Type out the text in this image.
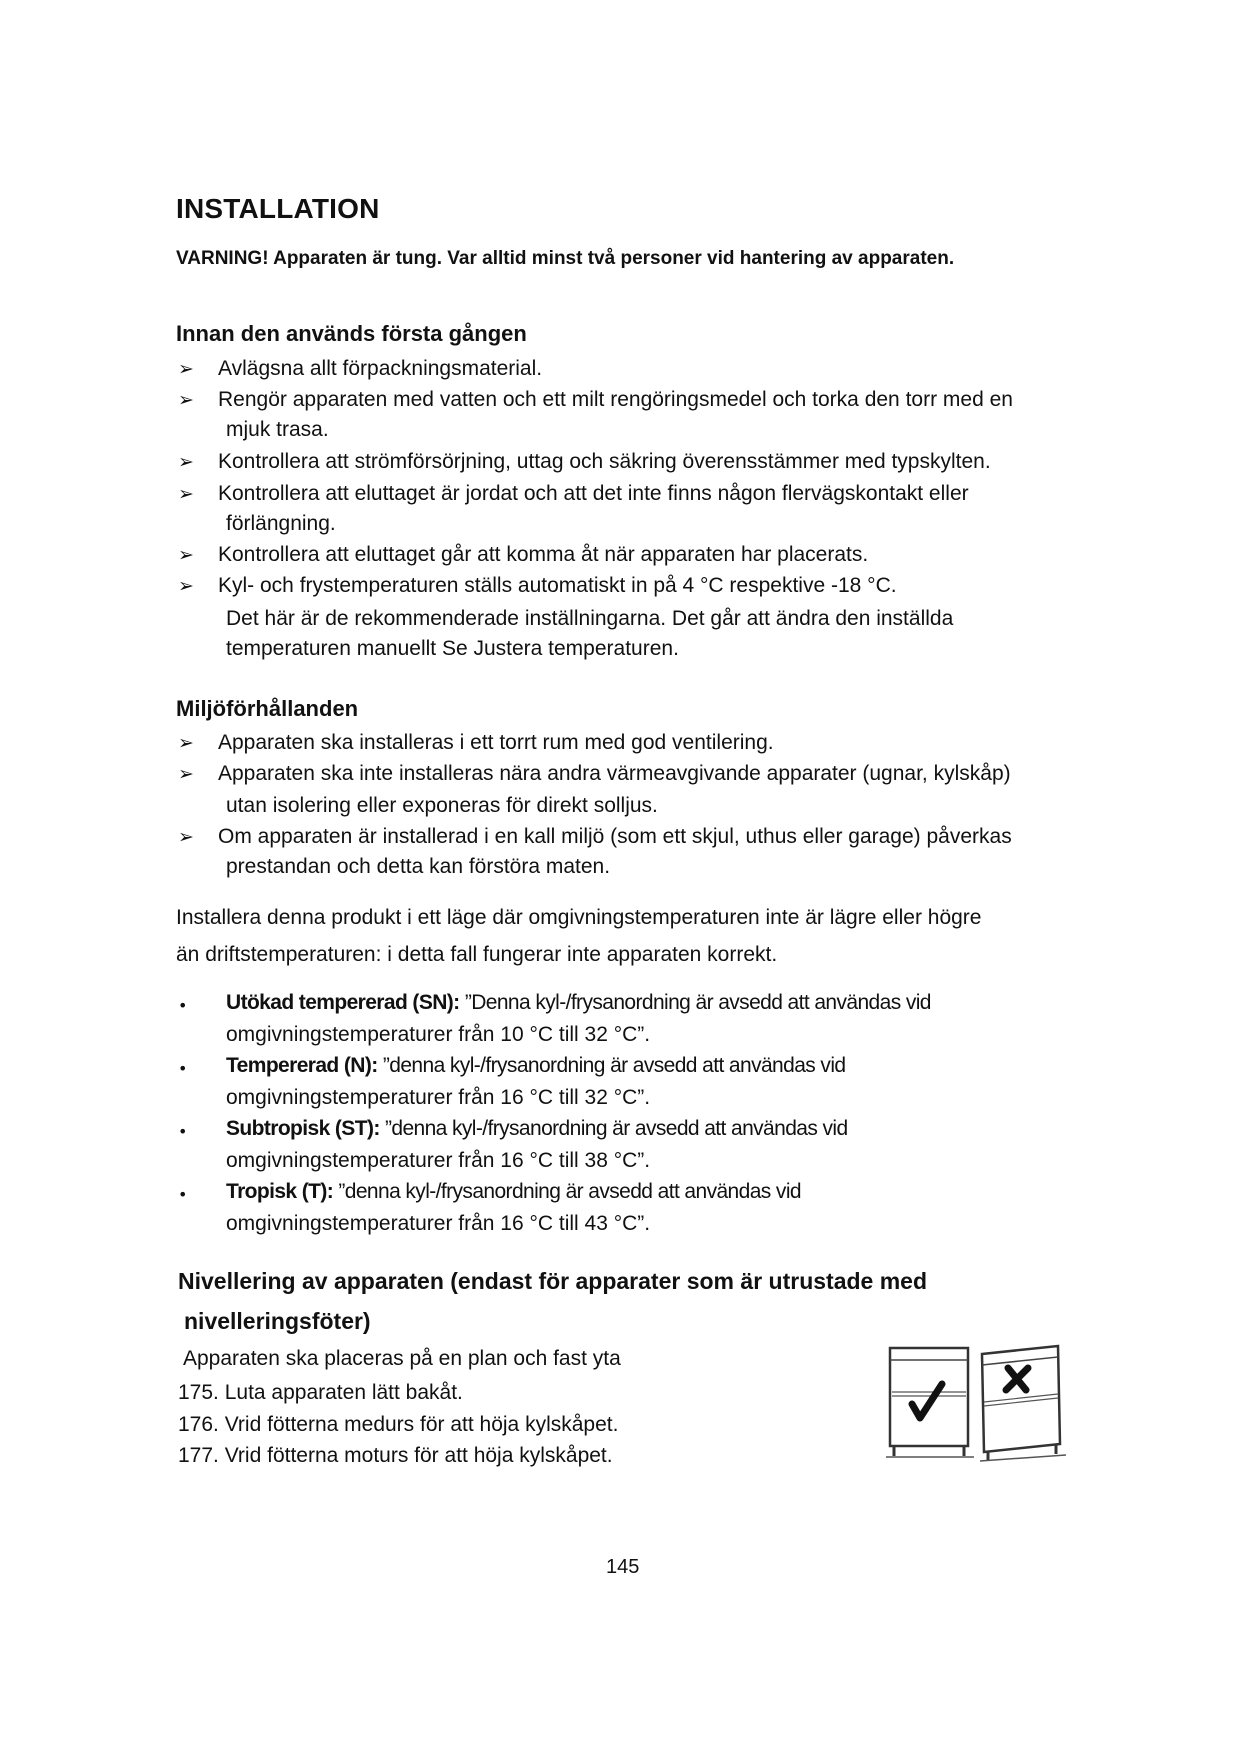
INSTALLATION
VARNING! Apparaten är tung. Var alltid minst två personer vid hantering av apparaten.
Innan den används första gången
➢ Avlägsna allt förpackningsmaterial.
➢ Rengör apparaten med vatten och ett milt rengöringsmedel och torka den torr med en
mjuk trasa.
➢ Kontrollera att strömförsörjning, uttag och säkring överensstämmer med typskylten.
➢ Kontrollera att eluttaget är jordat och att det inte finns någon flervägskontakt eller
förlängning.
➢ Kontrollera att eluttaget går att komma åt när apparaten har placerats.
➢ Kyl- och frystemperaturen ställs automatiskt in på 4 °C respektive -18 °C.
Det här är de rekommenderade inställningarna. Det går att ändra den inställda
temperaturen manuellt Se Justera temperaturen.
Miljöförhållanden
➢ Apparaten ska installeras i ett torrt rum med god ventilering.
➢ Apparaten ska inte installeras nära andra värmeavgivande apparater (ugnar, kylskåp)
utan isolering eller exponeras för direkt solljus.
➢ Om apparaten är installerad i en kall miljö (som ett skjul, uthus eller garage) påverkas
prestandan och detta kan förstöra maten.
Installera denna produkt i ett läge där omgivningstemperaturen inte är lägre eller högre
än driftstemperaturen: i detta fall fungerar inte apparaten korrekt.
• Utökad tempererad (SN): ”Denna kyl-/frysanordning är avsedd att användas vid
omgivningstemperaturer från 10 °C till 32 °C”.
• Tempererad (N): ”denna kyl-/frysanordning är avsedd att användas vid
omgivningstemperaturer från 16 °C till 32 °C”.
• Subtropisk (ST): ”denna kyl-/frysanordning är avsedd att användas vid
omgivningstemperaturer från 16 °C till 38 °C”.
• Tropisk (T): ”denna kyl-/frysanordning är avsedd att användas vid
omgivningstemperaturer från 16 °C till 43 °C”.
Nivellering av apparaten (endast för apparater som är utrustade med
nivelleringsföter)
Apparaten ska placeras på en plan och fast yta
175. Luta apparaten lätt bakåt.
176. Vrid fötterna medurs för att höja kylskåpet.
177. Vrid fötterna moturs för att höja kylskåpet.
145
